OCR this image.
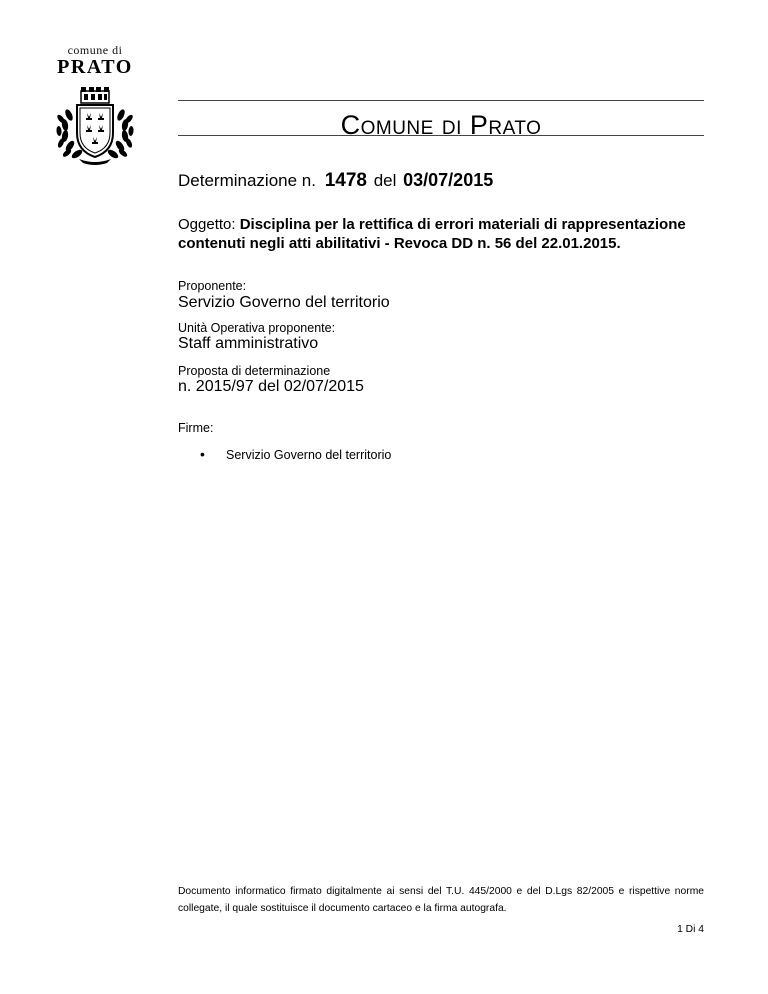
comune di
PRATO
COMUNE DI PRATO
Determinazione n. 1478 del 03/07/2015
Oggetto: Disciplina per la rettifica di errori materiali di rappresentazione contenuti negli atti abilitativi - Revoca DD n. 56 del 22.01.2015.
Proponente:
Servizio Governo del territorio
Unità Operativa proponente:
Staff amministrativo
Proposta di determinazione
n. 2015/97 del 02/07/2015
Firme:
• Servizio Governo del territorio
Documento informatico firmato digitalmente ai sensi del T.U. 445/2000 e del D.Lgs 82/2005 e rispettive norme collegate, il quale sostituisce il documento cartaceo e la firma autografa.
1 Di 4
